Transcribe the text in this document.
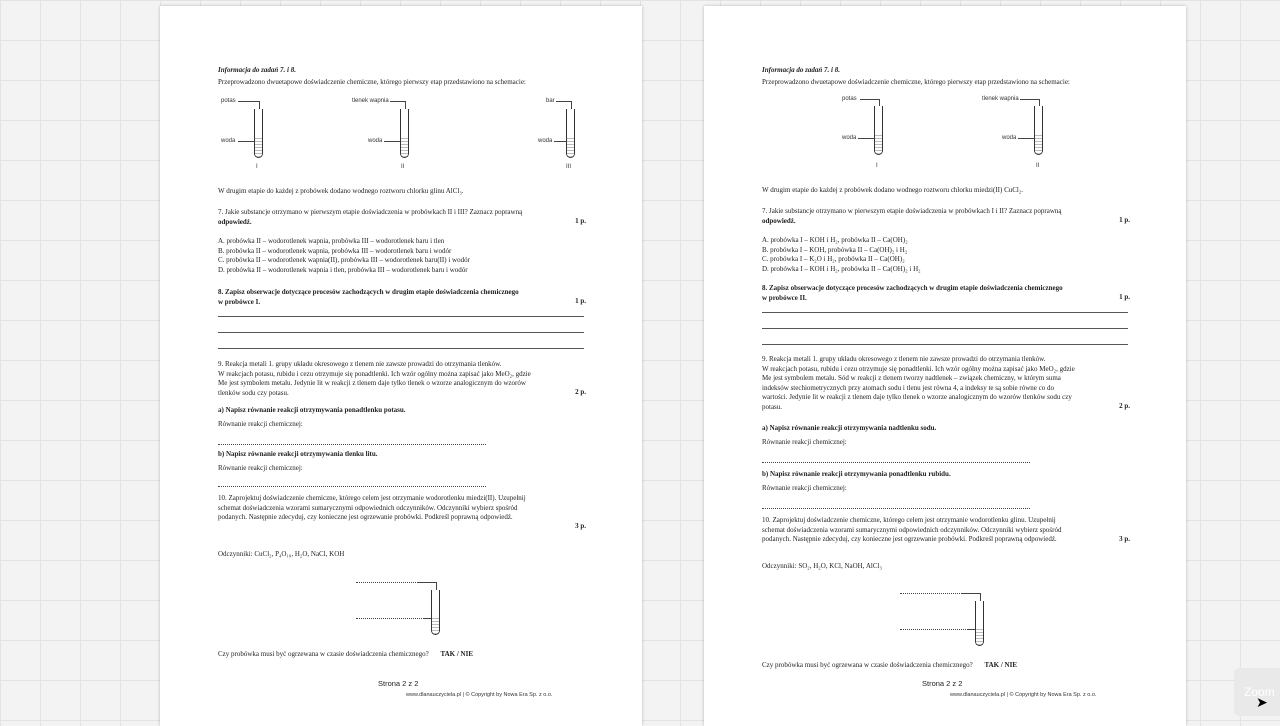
Informacja do zadań 7. i 8.
Przeprowadzono dwuetapowe doświadczenie chemiczne, którego pierwszy etap przedstawiono na schemacie:
potas
woda
I
tlenek wapnia
woda
II
bar
woda
III
W drugim etapie do każdej z probówek dodano wodnego roztworu chlorku glinu AlCl₃.
7. Jakie substancje otrzymano w pierwszym etapie doświadczenia w probówkach II i III? Zaznacz poprawną
odpowiedź.	1 p.
A. probówka II – wodorotlenek wapnia, probówka III – wodorotlenek baru i tlen
B. probówka II – wodorotlenek wapnia, probówka III – wodorotlenek baru i wodór
C. probówka II – wodorotlenek wapnia(II), probówka III – wodorotlenek baru(II) i wodór
D. probówka II – wodorotlenek wapnia i tlen, probówka III – wodorotlenek baru i wodór
8. Zapisz obserwacje dotyczące procesów zachodzących w drugim etapie doświadczenia chemicznego
w probówce I.	1 p.
9. Reakcja metali 1. grupy układu okresowego z tlenem nie zawsze prowadzi do otrzymania tlenków.
W reakcjach potasu, rubidu i cezu otrzymuje się ponadtlenki. Ich wzór ogólny można zapisać jako MeO₂, gdzie
Me jest symbolem metalu. Jedynie lit w reakcji z tlenem daje tylko tlenek o wzorze analogicznym do wzorów
tlenków sodu czy potasu.	2 p.
a) Napisz równanie reakcji otrzymywania ponadtlenku potasu.
Równanie reakcji chemicznej:
b) Napisz równanie reakcji otrzymywania tlenku litu.
Równanie reakcji chemicznej:
10. Zaprojektuj doświadczenie chemiczne, którego celem jest otrzymanie wodorotlenku miedzi(II). Uzupełnij
schemat doświadczenia wzorami sumarycznymi odpowiednich odczynników. Odczynniki wybierz spośród
podanych. Następnie zdecyduj, czy konieczne jest ogrzewanie probówki. Podkreśl poprawną odpowiedź.
3 p.
Odczynniki: CuCl₂, P₄O₁₀, H₂O, NaCl, KOH
Czy probówka musi być ogrzewana w czasie doświadczenia chemicznego? TAK / NIE
Strona 2 z 2
www.dlanauczyciela.pl | © Copyright by Nowa Era Sp. z o.o.
Informacja do zadań 7. i 8.
Przeprowadzono dwuetapowe doświadczenie chemiczne, którego pierwszy etap przedstawiono na schemacie:
potas
woda
I
tlenek wapnia
woda
II
W drugim etapie do każdej z probówek dodano wodnego roztworu chlorku miedzi(II) CuCl₂.
7. Jakie substancje otrzymano w pierwszym etapie doświadczenia w probówkach I i II? Zaznacz poprawną
odpowiedź.	1 p.
A. probówka I – KOH i H₂, probówka II – Ca(OH)₂
B. probówka I – KOH, probówka II – Ca(OH)₂ i H₂
C. probówka I – K₂O i H₂, probówka II – Ca(OH)₂
D. probówka I – KOH i H₂, probówka II – Ca(OH)₂ i H₂
8. Zapisz obserwacje dotyczące procesów zachodzących w drugim etapie doświadczenia chemicznego
w probówce II.	1 p.
9. Reakcja metali 1. grupy układu okresowego z tlenem nie zawsze prowadzi do otrzymania tlenków.
W reakcjach potasu, rubidu i cezu otrzymuje się ponadtlenki. Ich wzór ogólny można zapisać jako MeO₂, gdzie
Me jest symbolem metalu. Sód w reakcji z tlenem tworzy nadtlenek – związek chemiczny, w którym suma
indeksów stechiometrycznych przy atomach sodu i tlenu jest równa 4, a indeksy te są sobie równe co do
wartości. Jedynie lit w reakcji z tlenem daje tylko tlenek o wzorze analogicznym do wzorów tlenków sodu czy
potasu.	2 p.
a) Napisz równanie reakcji otrzymywania nadtlenku sodu.
Równanie reakcji chemicznej:
b) Napisz równanie reakcji otrzymywania ponadtlenku rubidu.
Równanie reakcji chemicznej:
10. Zaprojektuj doświadczenie chemiczne, którego celem jest otrzymanie wodorotlenku glinu. Uzupełnij
schemat doświadczenia wzorami sumarycznymi odpowiednich odczynników. Odczynniki wybierz spośród
podanych. Następnie zdecyduj, czy konieczne jest ogrzewanie probówki. Podkreśl poprawną odpowiedź.	3 p.
Odczynniki: SO₂, H₂O, KCl, NaOH, AlCl₃
Czy probówka musi być ogrzewana w czasie doświadczenia chemicznego? TAK / NIE
Strona 2 z 2
www.dlanauczyciela.pl | © Copyright by Nowa Era Sp. z o.o.	Zoom
➤
